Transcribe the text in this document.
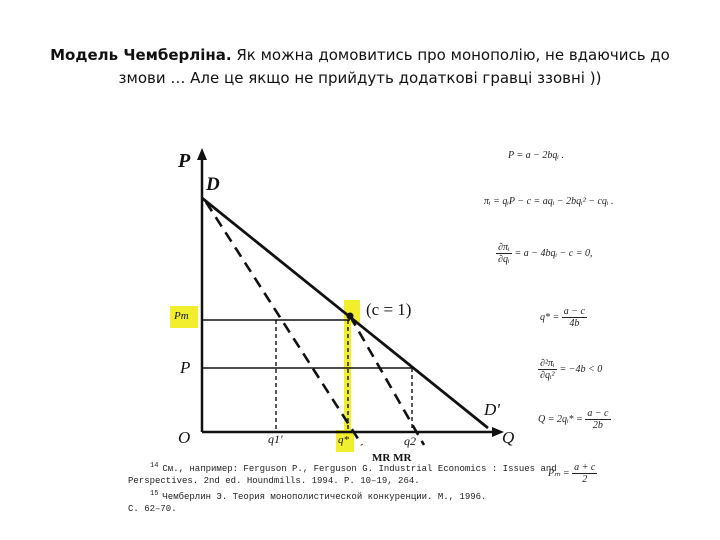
Модель Чемберліна. Як можна домовитись про монополію, не вдаючись до змови … Але це якщо не прийдуть додаткові гравці ззовні ))
P
D
Pm	(c = 1)
P
D'
O	q1'	q*	q2	Q
MR MR
P = a − 2bqᵢ .
πᵢ = qᵢP − c = aqᵢ − 2bqᵢ² − cqᵢ .
$\frac{\text{∂πᵢ}}{\text{∂qᵢ}} = a$ − 4bqᵢ − c = 0,
$q* = \frac{a - c}{4b}$
$\frac{\text{∂²πᵢ}}{\text{∂qᵢ²}} = -4b < 0$
Q = 2qᵢ* = $\frac{a - c}{2b}$
$P_m = \frac{a + c}{2}$
$^{14}$ См., например: Ferguson P., Ferguson G. Industrial Economics : Issues and
Perspectives. 2nd ed. Houndmills. 1994. P. 10–19, 264.
$^{15}$ Чемберлин Э. Теория монополистической конкуренции. М., 1996.
С. 62–70.
